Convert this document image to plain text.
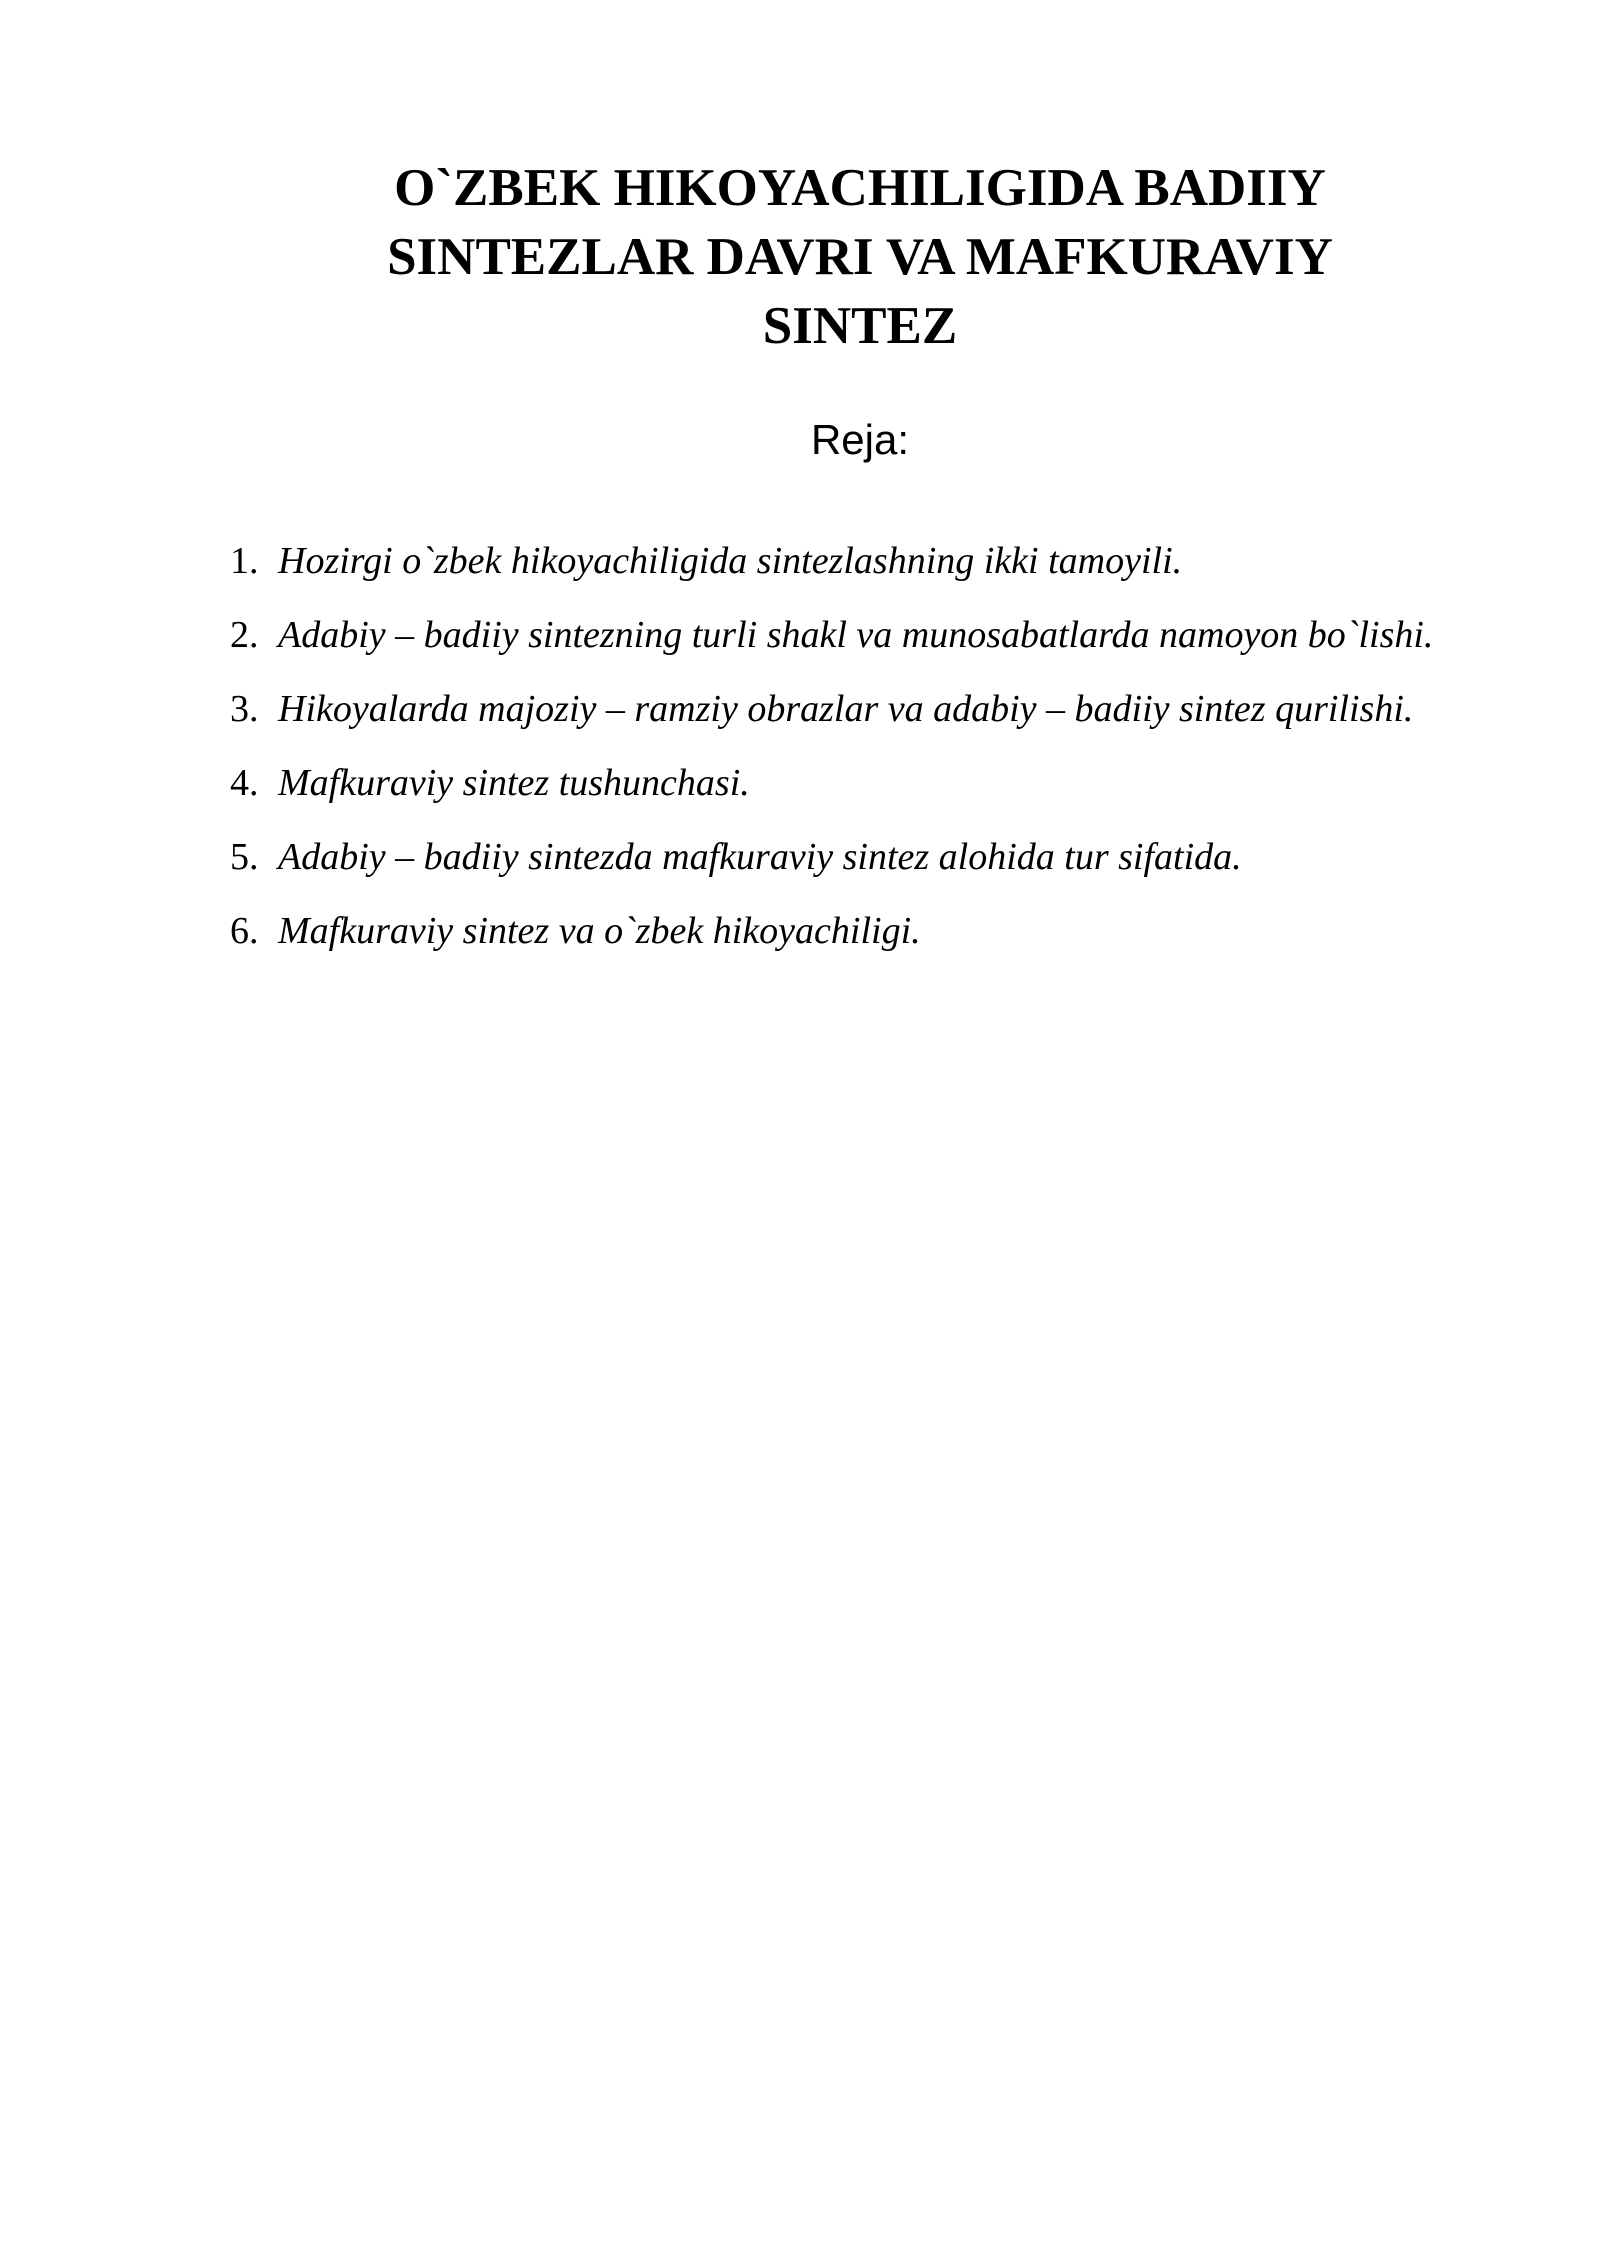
O`ZBEK HIKOYACHILIGIDA BADIIY
SINTEZLAR DAVRI VA MAFKURAVIY
SINTEZ

Reja:

1. Hozirgi o`zbek hikoyachiligida sintezlashning ikki tamoyili.
2. Adabiy – badiiy sintezning turli shakl va munosabatlarda namoyon bo`lishi.
3. Hikoyalarda majoziy – ramziy obrazlar va adabiy – badiiy sintez qurilishi.
4. Mafkuraviy sintez tushunchasi.
5. Adabiy – badiiy sintezda mafkuraviy sintez alohida tur sifatida.
6. Mafkuraviy sintez va o`zbek hikoyachiligi.
